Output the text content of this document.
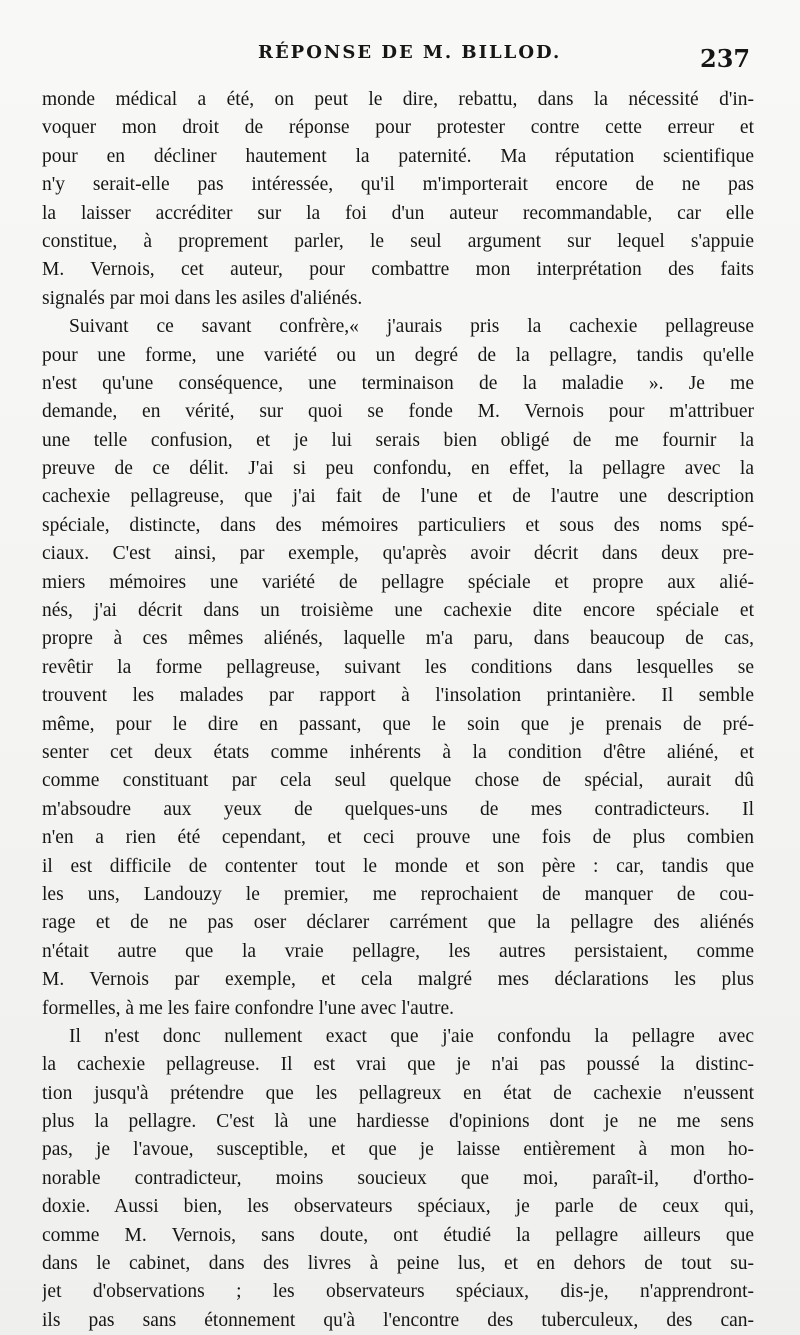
RÉPONSE DE M. BILLOD.	237
monde médical a été, on peut le dire, rebattu, dans la nécessité d'in-
voquer mon droit de réponse pour protester contre cette erreur et
pour en décliner hautement la paternité. Ma réputation scientifique
n'y serait-elle pas intéressée, qu'il m'importerait encore de ne pas
la laisser accréditer sur la foi d'un auteur recommandable, car elle
constitue, à proprement parler, le seul argument sur lequel s'appuie
M. Vernois, cet auteur, pour combattre mon interprétation des faits
signalés par moi dans les asiles d'aliénés.
Suivant ce savant confrère,« j'aurais pris la cachexie pellagreuse
pour une forme, une variété ou un degré de la pellagre, tandis qu'elle
n'est qu'une conséquence, une terminaison de la maladie ». Je me
demande, en vérité, sur quoi se fonde M. Vernois pour m'attribuer
une telle confusion, et je lui serais bien obligé de me fournir la
preuve de ce délit. J'ai si peu confondu, en effet, la pellagre avec la
cachexie pellagreuse, que j'ai fait de l'une et de l'autre une description
spéciale, distincte, dans des mémoires particuliers et sous des noms spé-
ciaux. C'est ainsi, par exemple, qu'après avoir décrit dans deux pre-
miers mémoires une variété de pellagre spéciale et propre aux alié-
nés, j'ai décrit dans un troisième une cachexie dite encore spéciale et
propre à ces mêmes aliénés, laquelle m'a paru, dans beaucoup de cas,
revêtir la forme pellagreuse, suivant les conditions dans lesquelles se
trouvent les malades par rapport à l'insolation printanière. Il semble
même, pour le dire en passant, que le soin que je prenais de pré-
senter cet deux états comme inhérents à la condition d'être aliéné, et
comme constituant par cela seul quelque chose de spécial, aurait dû
m'absoudre aux yeux de quelques-uns de mes contradicteurs. Il
n'en a rien été cependant, et ceci prouve une fois de plus combien
il est difficile de contenter tout le monde et son père : car, tandis que
les uns, Landouzy le premier, me reprochaient de manquer de cou-
rage et de ne pas oser déclarer carrément que la pellagre des aliénés
n'était autre que la vraie pellagre, les autres persistaient, comme
M. Vernois par exemple, et cela malgré mes déclarations les plus
formelles, à me les faire confondre l'une avec l'autre.
Il n'est donc nullement exact que j'aie confondu la pellagre avec
la cachexie pellagreuse. Il est vrai que je n'ai pas poussé la distinc-
tion jusqu'à prétendre que les pellagreux en état de cachexie n'eussent
plus la pellagre. C'est là une hardiesse d'opinions dont je ne me sens
pas, je l'avoue, susceptible, et que je laisse entièrement à mon ho-
norable contradicteur, moins soucieux que moi, paraît-il, d'ortho-
doxie. Aussi bien, les observateurs spéciaux, je parle de ceux qui,
comme M. Vernois, sans doute, ont étudié la pellagre ailleurs que
dans le cabinet, dans des livres à peine lus, et en dehors de tout su-
jet d'observations ; les observateurs spéciaux, dis-je, n'apprendront-
ils pas sans étonnement qu'à l'encontre des tuberculeux, des can-
